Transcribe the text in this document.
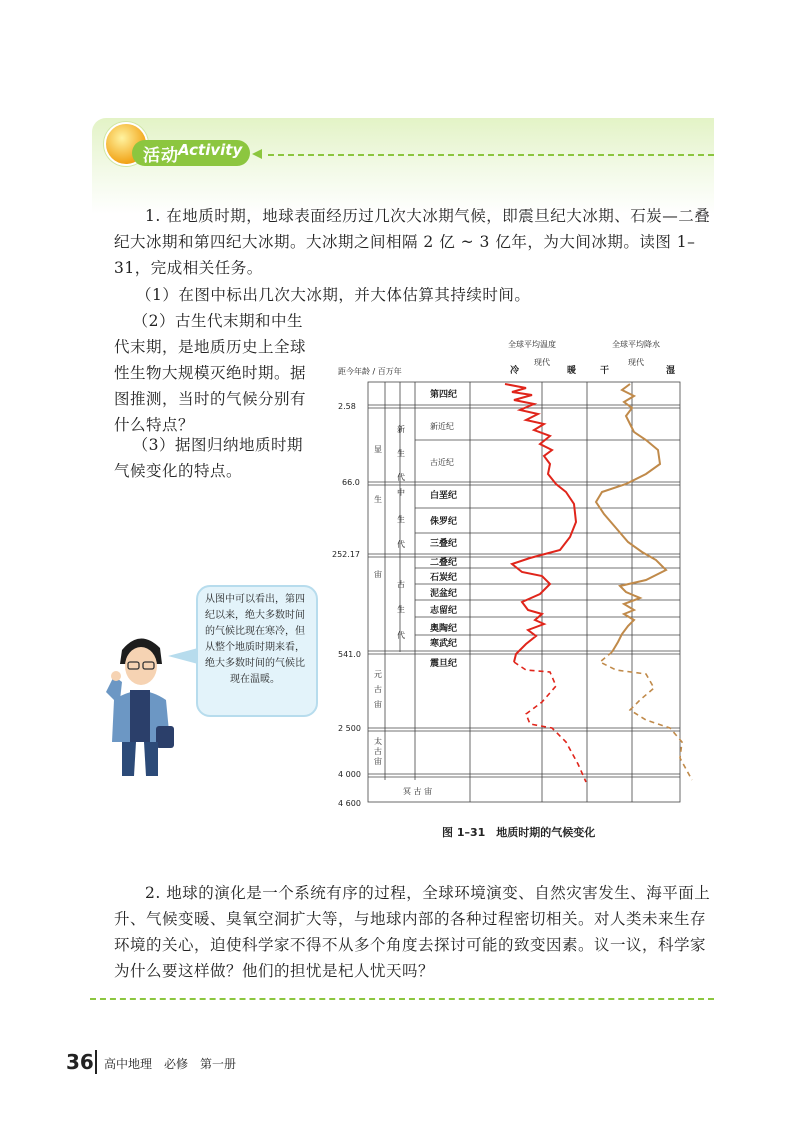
活动 Activity
1. 在地质时期，地球表面经历过几次大冰期气候，即震旦纪大冰期、石炭—二叠纪大冰期和第四纪大冰期。大冰期之间相隔 2 亿 ~ 3 亿年，为大间冰期。读图 1–31，完成相关任务。
（1）在图中标出几次大冰期，并大体估算其持续时间。
（2）古生代末期和中生代末期，是地质历史上全球性生物大规模灭绝时期。据图推测，当时的气候分别有什么特点？
（3）据图归纳地质时期气候变化的特点。
全球平均温度	全球平均降水
冷
现代
暖	干
现代
湿
距今年龄 / 百万年
2.58
66.0
252.17
541.0
2 500
4 000
4 600
显
生
宙
元
古
宙
太
古
宙
冥 古 宙
新
生
代
中
生
代
古
生
代
第四纪
新近纪
古近纪
白垩纪
侏罗纪
三叠纪
二叠纪
石炭纪
泥盆纪
志留纪
奥陶纪
寒武纪
震旦纪
图 1–31　地质时期的气候变化
从图中可以看出，第四纪以来，绝大多数时间的气候比现在寒冷，但从整个地质时期来看，绝大多数时间的气候比现在温暖。
2. 地球的演化是一个系统有序的过程，全球环境演变、自然灾害发生、海平面上升、气候变暖、臭氧空洞扩大等，与地球内部的各种过程密切相关。对人类未来生存环境的关心，迫使科学家不得不从多个角度去探讨可能的致变因素。议一议，科学家为什么要这样做？他们的担忧是杞人忧天吗？
36 高中地理　必修　第一册
